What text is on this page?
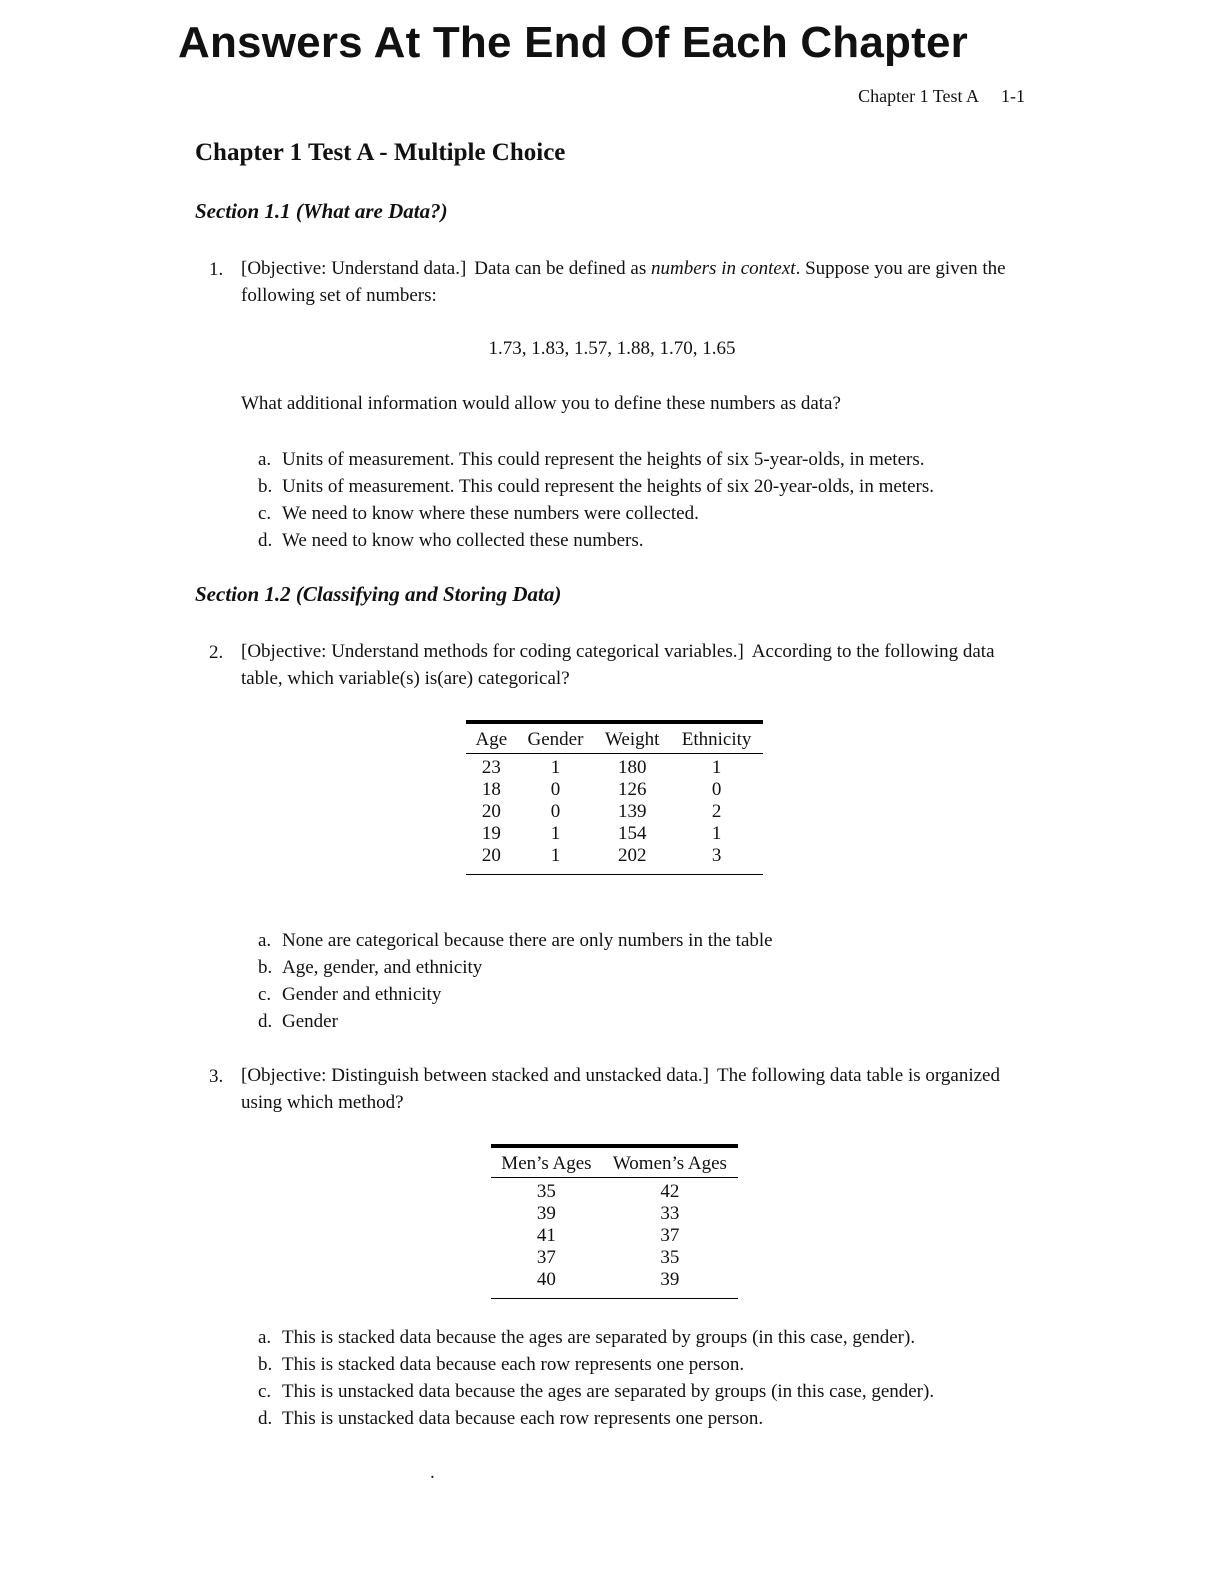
Answers At The End Of Each Chapter
Chapter 1 Test A 1-1
Chapter 1 Test A - Multiple Choice
Section 1.1 (What are Data?)
1. [Objective: Understand data.] Data can be defined as numbers in context. Suppose you are given the following set of numbers:
1.73, 1.83, 1.57, 1.88, 1.70, 1.65
What additional information would allow you to define these numbers as data?
a. Units of measurement. This could represent the heights of six 5-year-olds, in meters.
b. Units of measurement. This could represent the heights of six 20-year-olds, in meters.
c. We need to know where these numbers were collected.
d. We need to know who collected these numbers.
Section 1.2 (Classifying and Storing Data)
2. [Objective: Understand methods for coding categorical variables.] According to the following data table, which variable(s) is(are) categorical?
Age	Gender	Weight	Ethnicity
23	1	180	1
18	0	126	0
20	0	139	2
19	1	154	1
20	1	202	3
a. None are categorical because there are only numbers in the table
b. Age, gender, and ethnicity
c. Gender and ethnicity
d. Gender
3. [Objective: Distinguish between stacked and unstacked data.] The following data table is organized using which method?
Men’s Ages	Women’s Ages
35	42
39	33
41	37
37	35
40	39
a. This is stacked data because the ages are separated by groups (in this case, gender).
b. This is stacked data because each row represents one person.
c. This is unstacked data because the ages are separated by groups (in this case, gender).
d. This is unstacked data because each row represents one person.
.
